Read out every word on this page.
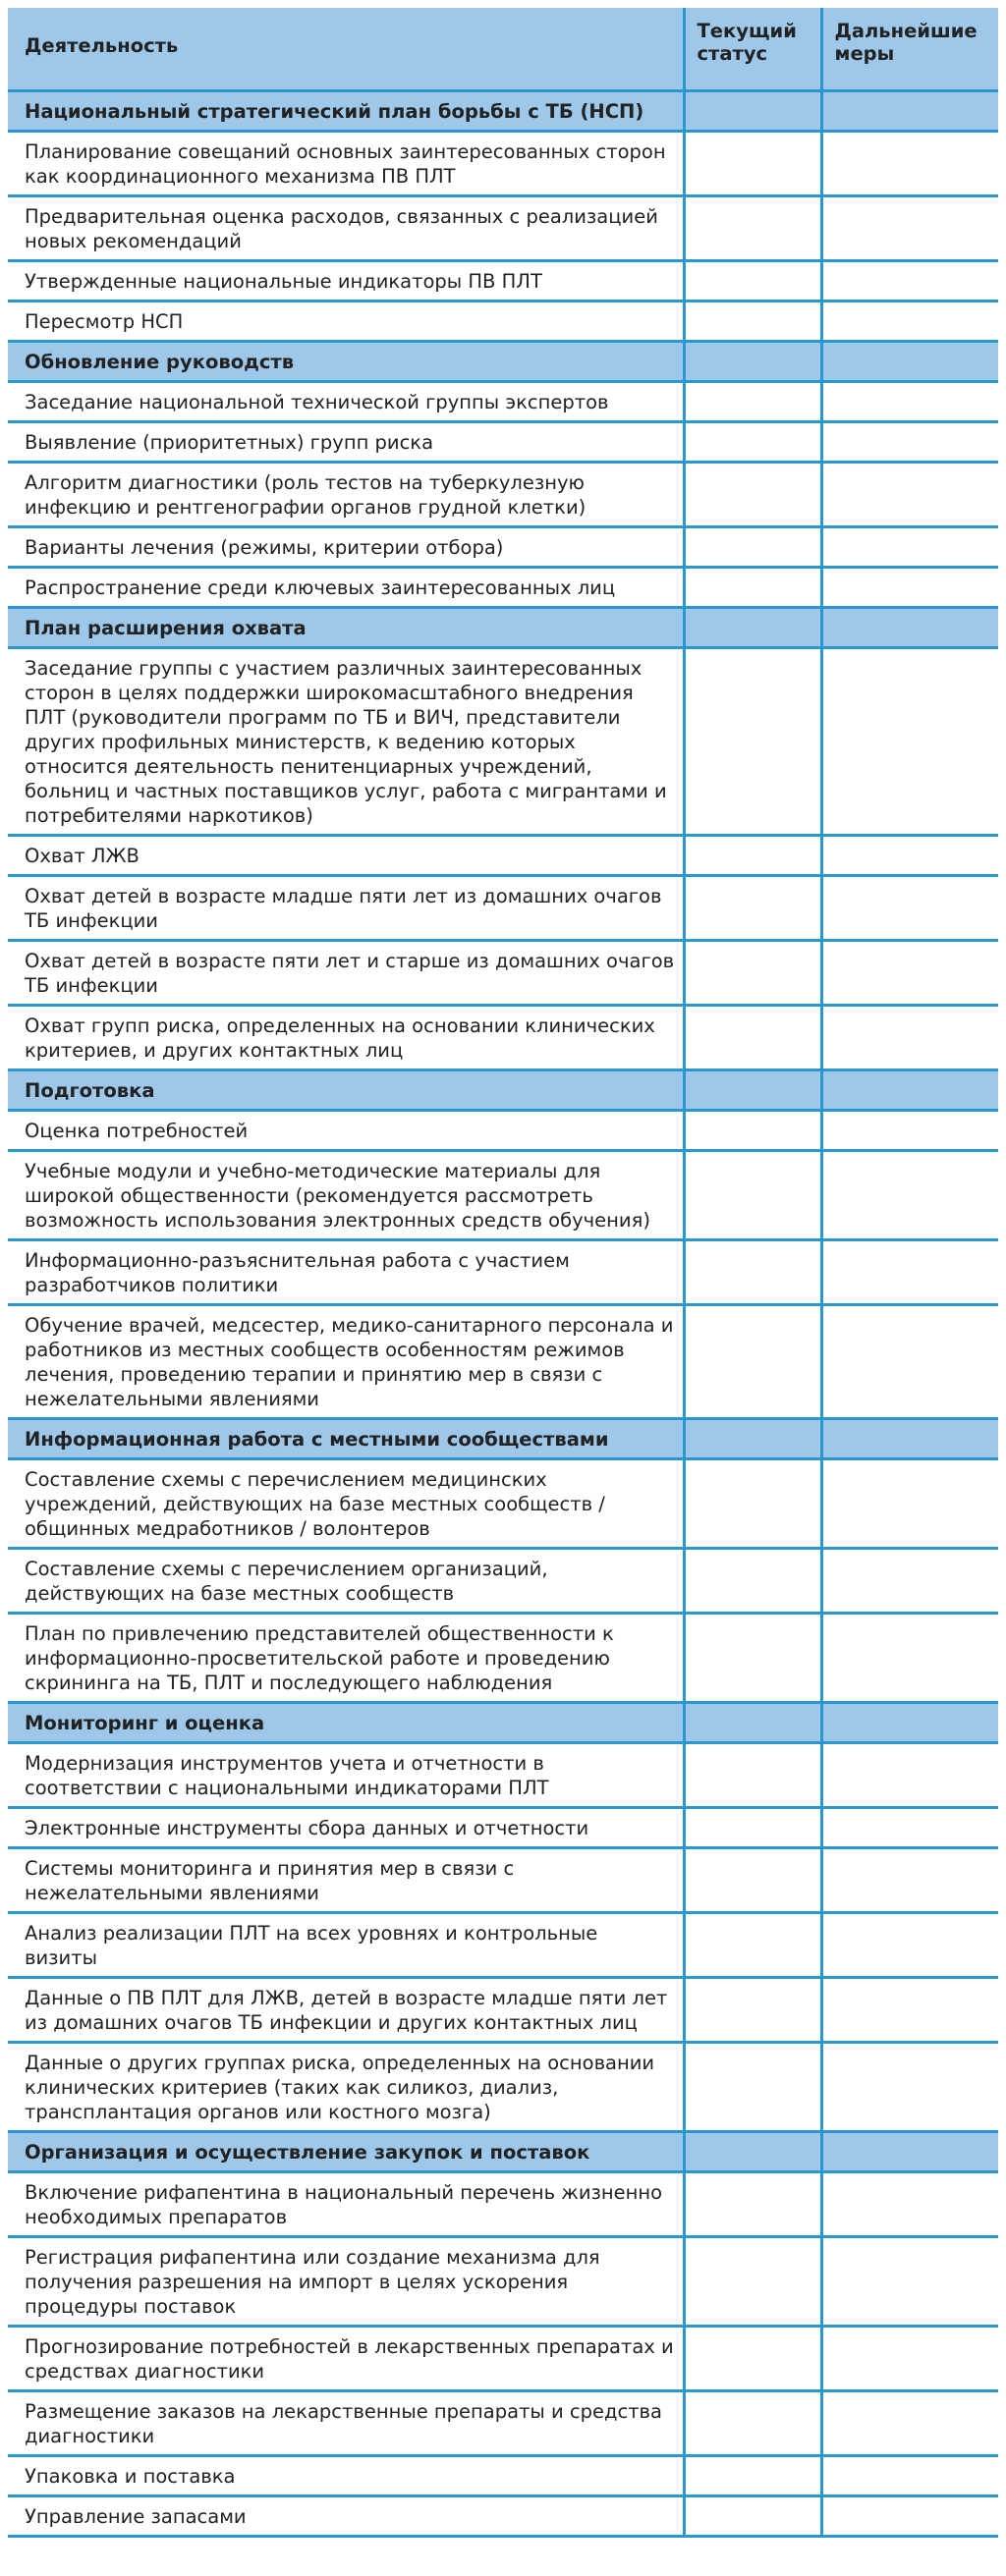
Деятельность	Текущий статус	Дальнейшие меры
Национальный стратегический план борьбы с ТБ (НСП)		
Планирование совещаний основных заинтересованных сторон как координационного механизма ПВ ПЛТ		
Предварительная оценка расходов, связанных с реализацией новых рекомендаций		
Утвержденные национальные индикаторы ПВ ПЛТ		
Пересмотр НСП		
Обновление руководств		
Заседание национальной технической группы экспертов		
Выявление (приоритетных) групп риска		
Алгоритм диагностики (роль тестов на туберкулезную инфекцию и рентгенографии органов грудной клетки)		
Варианты лечения (режимы, критерии отбора)		
Распространение среди ключевых заинтересованных лиц		
План расширения охвата		
Заседание группы с участием различных заинтересованных сторон в целях поддержки широкомасштабного внедрения ПЛТ (руководители программ по ТБ и ВИЧ, представители других профильных министерств, к ведению которых относится деятельность пенитенциарных учреждений, больниц и частных поставщиков услуг, работа с мигрантами и потребителями наркотиков)		
Охват ЛЖВ		
Охват детей в возрасте младше пяти лет из домашних очагов ТБ инфекции		
Охват детей в возрасте пяти лет и старше из домашних очагов ТБ инфекции		
Охват групп риска, определенных на основании клинических критериев, и других контактных лиц		
Подготовка		
Оценка потребностей		
Учебные модули и учебно-методические материалы для широкой общественности (рекомендуется рассмотреть возможность использования электронных средств обучения)		
Информационно-разъяснительная работа с участием разработчиков политики		
Обучение врачей, медсестер, медико-санитарного персонала и работников из местных сообществ особенностям режимов лечения, проведению терапии и принятию мер в связи с нежелательными явлениями		
Информационная работа с местными сообществами		
Составление схемы с перечислением медицинских учреждений, действующих на базе местных сообществ / общинных медработников / волонтеров		
Составление схемы с перечислением организаций, действующих на базе местных сообществ		
План по привлечению представителей общественности к информационно-просветительской работе и проведению скрининга на ТБ, ПЛТ и последующего наблюдения		
Мониторинг и оценка		
Модернизация инструментов учета и отчетности в соответствии с национальными индикаторами ПЛТ		
Электронные инструменты сбора данных и отчетности		
Системы мониторинга и принятия мер в связи с нежелательными явлениями		
Анализ реализации ПЛТ на всех уровнях и контрольные визиты		
Данные о ПВ ПЛТ для ЛЖВ, детей в возрасте младше пяти лет из домашних очагов ТБ инфекции и других контактных лиц		
Данные о других группах риска, определенных на основании клинических критериев (таких как силикоз, диализ, трансплантация органов или костного мозга)		
Организация и осуществление закупок и поставок		
Включение рифапентина в национальный перечень жизненно необходимых препаратов		
Регистрация рифапентина или создание механизма для получения разрешения на импорт в целях ускорения процедуры поставок		
Прогнозирование потребностей в лекарственных препаратах и средствах диагностики		
Размещение заказов на лекарственные препараты и средства диагностики		
Упаковка и поставка		
Управление запасами		
